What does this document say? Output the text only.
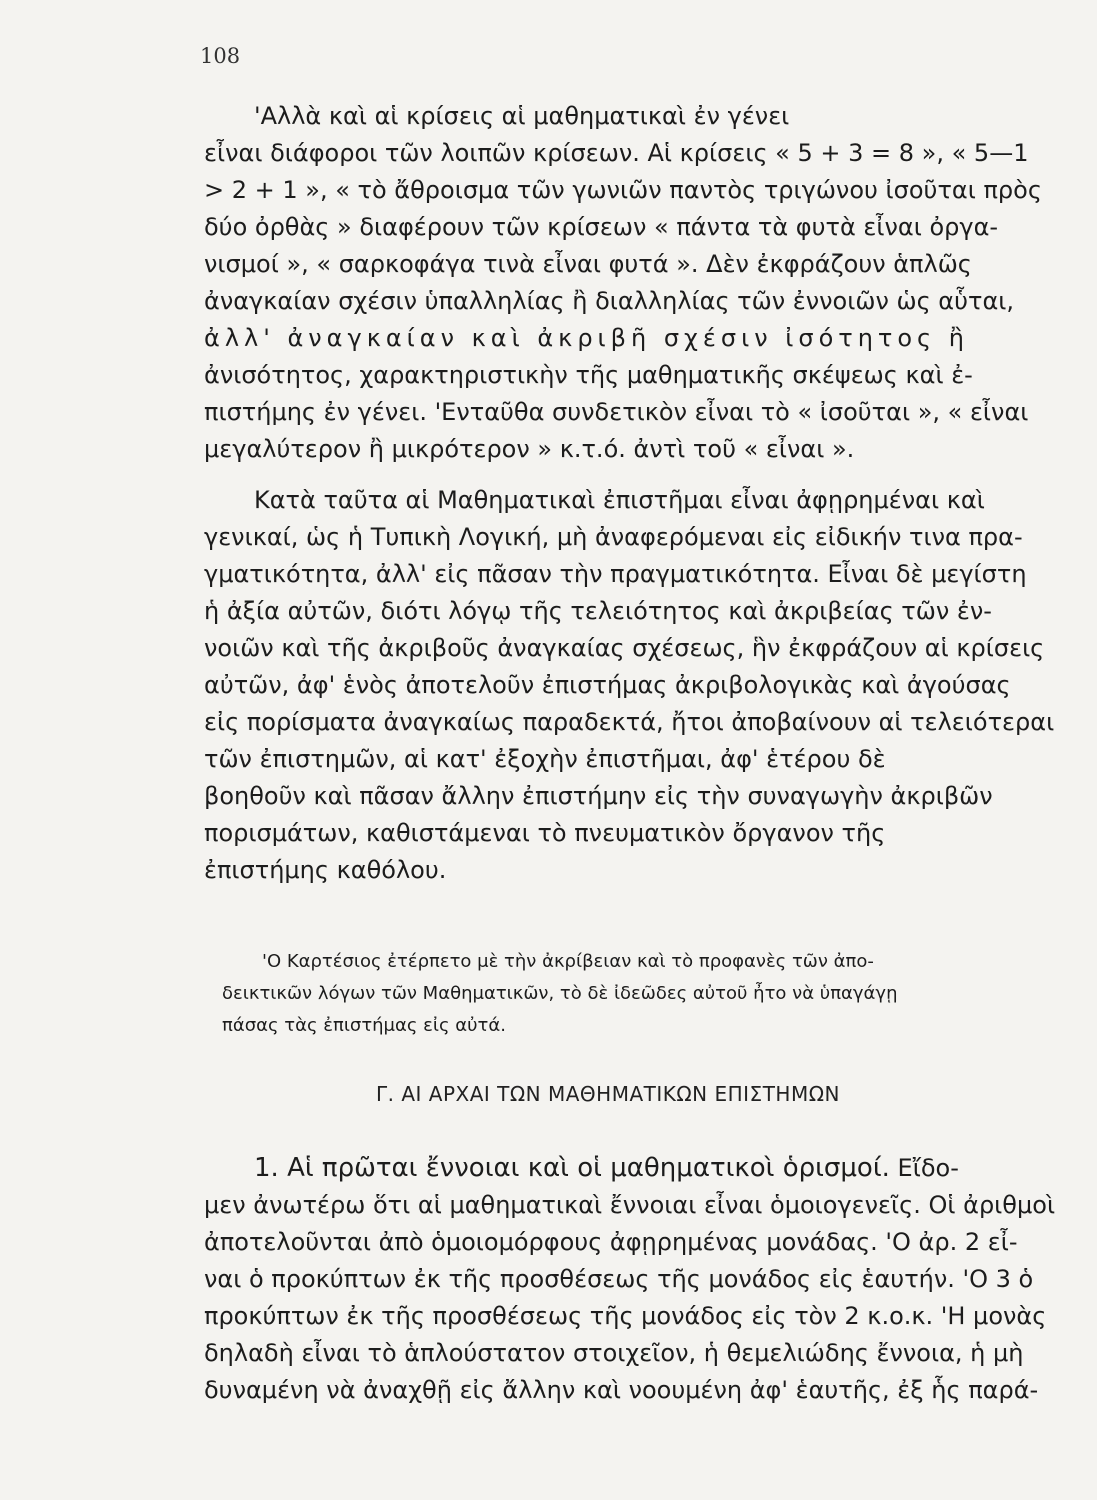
108
'Αλλὰ καὶ αἱ κρίσεις αἱ μαθηματικαὶ ἐν γένει
εἶναι διάφοροι τῶν λοιπῶν κρίσεων. Αἱ κρίσεις « 5 + 3 = 8 », « 5—1
> 2 + 1 », « τὸ ἄθροισμα τῶν γωνιῶν παντὸς τριγώνου ἰσοῦται πρὸς
δύο ὀρθὰς » διαφέρουν τῶν κρίσεων « πάντα τὰ φυτὰ εἶναι ὀργα-
νισμοί », « σαρκοφάγα τινὰ εἶναι φυτά ». Δὲν ἐκφράζουν ἁπλῶς
ἀναγκαίαν σχέσιν ὑπαλληλίας ἢ διαλληλίας τῶν ἐννοιῶν ὡς αὗται,
ἀλλ' ἀναγκαίαν καὶ ἀκριβῆ σχέσιν ἰσότητος ἢ
ἀνισότητος, χαρακτηριστικὴν τῆς μαθηματικῆς σκέψεως καὶ ἐ-
πιστήμης ἐν γένει. 'Ενταῦθα συνδετικὸν εἶναι τὸ « ἰσοῦται », « εἶναι
μεγαλύτερον ἢ μικρότερον » κ.τ.ό. ἀντὶ τοῦ « εἶναι ».
Κατὰ ταῦτα αἱ Μαθηματικαὶ ἐπιστῆμαι εἶναι ἀφῃρημέναι καὶ
γενικαί, ὡς ἡ Τυπικὴ Λογική, μὴ ἀναφερόμεναι εἰς εἰδικήν τινα πρα-
γματικότητα, ἀλλ' εἰς πᾶσαν τὴν πραγματικότητα. Εἶναι δὲ μεγίστη
ἡ ἀξία αὐτῶν, διότι λόγῳ τῆς τελειότητος καὶ ἀκριβείας τῶν ἐν-
νοιῶν καὶ τῆς ἀκριβοῦς ἀναγκαίας σχέσεως, ἣν ἐκφράζουν αἱ κρίσεις
αὐτῶν, ἀφ' ἑνὸς ἀποτελοῦν ἐπιστήμας ἀκριβολογικὰς καὶ ἀγούσας
εἰς πορίσματα ἀναγκαίως παραδεκτά, ἤτοι ἀποβαίνουν αἱ τελειότεραι
τῶν ἐπιστημῶν, αἱ κατ' ἐξοχὴν ἐπιστῆμαι, ἀφ' ἑτέρου δὲ
βοηθοῦν καὶ πᾶσαν ἄλλην ἐπιστήμην εἰς τὴν συναγωγὴν ἀκριβῶν
πορισμάτων, καθιστάμεναι τὸ πνευματικὸν ὄργανον τῆς
ἐπιστήμης καθόλου.
'Ο Καρτέσιος ἐτέρπετο μὲ τὴν ἀκρίβειαν καὶ τὸ προφανὲς τῶν ἀπο-
δεικτικῶν λόγων τῶν Μαθηματικῶν, τὸ δὲ ἰδεῶδες αὐτοῦ ἦτο νὰ ὑπαγάγῃ
πάσας τὰς ἐπιστήμας εἰς αὐτά.
Γ. ΑΙ ΑΡΧΑΙ ΤΩΝ ΜΑΘΗΜΑΤΙΚΩΝ ΕΠΙΣΤΗΜΩΝ
1. Αἱ πρῶται ἔννοιαι καὶ οἱ μαθηματικοὶ ὁρισμοί. Εἴδο-
μεν ἀνωτέρω ὅτι αἱ μαθηματικαὶ ἔννοιαι εἶναι ὁμοιογενεῖς. Οἱ ἀριθμοὶ
ἀποτελοῦνται ἀπὸ ὁμοιομόρφους ἀφῃρημένας μονάδας. 'Ο ἀρ. 2 εἶ-
ναι ὁ προκύπτων ἐκ τῆς προσθέσεως τῆς μονάδος εἰς ἑαυτήν. 'Ο 3 ὁ
προκύπτων ἐκ τῆς προσθέσεως τῆς μονάδος εἰς τὸν 2 κ.ο.κ. 'Η μονὰς
δηλαδὴ εἶναι τὸ ἁπλούστατον στοιχεῖον, ἡ θεμελιώδης ἔννοια, ἡ μὴ
δυναμένη νὰ ἀναχθῇ εἰς ἄλλην καὶ νοουμένη ἀφ' ἑαυτῆς, ἐξ ἧς παρά-
